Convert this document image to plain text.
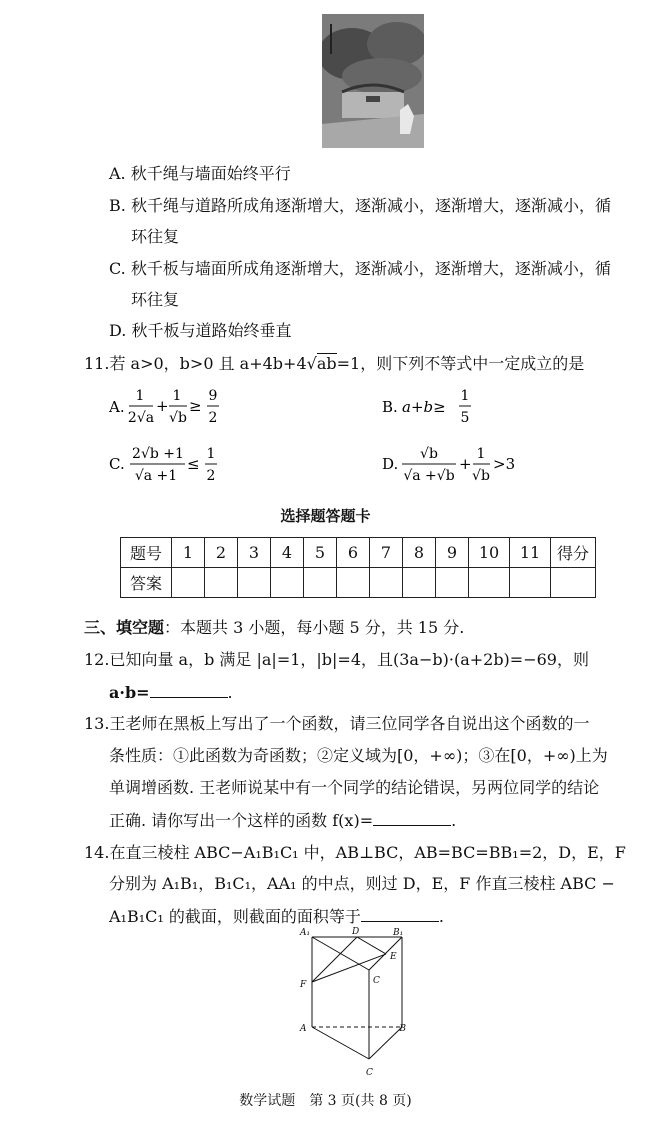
A. 秋千绳与墙面始终平行
B. 秋千绳与道路所成角逐渐增大，逐渐减小，逐渐增大，逐渐减小，循
环往复
C. 秋千板与墙面所成角逐渐增大，逐渐减小，逐渐增大，逐渐减小，循
环往复
D. 秋千板与道路始终垂直
11.若 a>0，b>0 且 a+4b+4√ab=1，则下列不等式中一定成立的是
A.
1
2√a
+
1
√b
≥
9
2
B. a+b≥
1
5
C.
2√b +1
√a +1
≤
1
2
D.
√b
√a +√b
+
1
√b
>3
选择题答题卡
题号	1	2	3	4	5	6	7	8	9	10	11	得分
答案												
三、填空题：本题共 3 小题，每小题 5 分，共 15 分.
12.已知向量 a，b 满足 |a|=1，|b|=4，且(3a−b)·(a+2b)=−69，则
a·b=	.
13.王老师在黑板上写出了一个函数，请三位同学各自说出这个函数的一
条性质：①此函数为奇函数；②定义域为[0，+∞)；③在[0，+∞)上为
单调增函数. 王老师说某中有一个同学的结论错误，另两位同学的结论
正确. 请你写出一个这样的函数 f(x)=	.
14.在直三棱柱 ABC−A₁B₁C₁ 中，AB⊥BC，AB=BC=BB₁=2，D，E，F
分别为 A₁B₁，B₁C₁，AA₁ 的中点，则过 D，E，F 作直三棱柱 ABC −
A₁B₁C₁ 的截面，则截面的面积等于	.
A₁	D	B₁
E
C
F
A	B
C
数学试题　第 3 页(共 8 页)
